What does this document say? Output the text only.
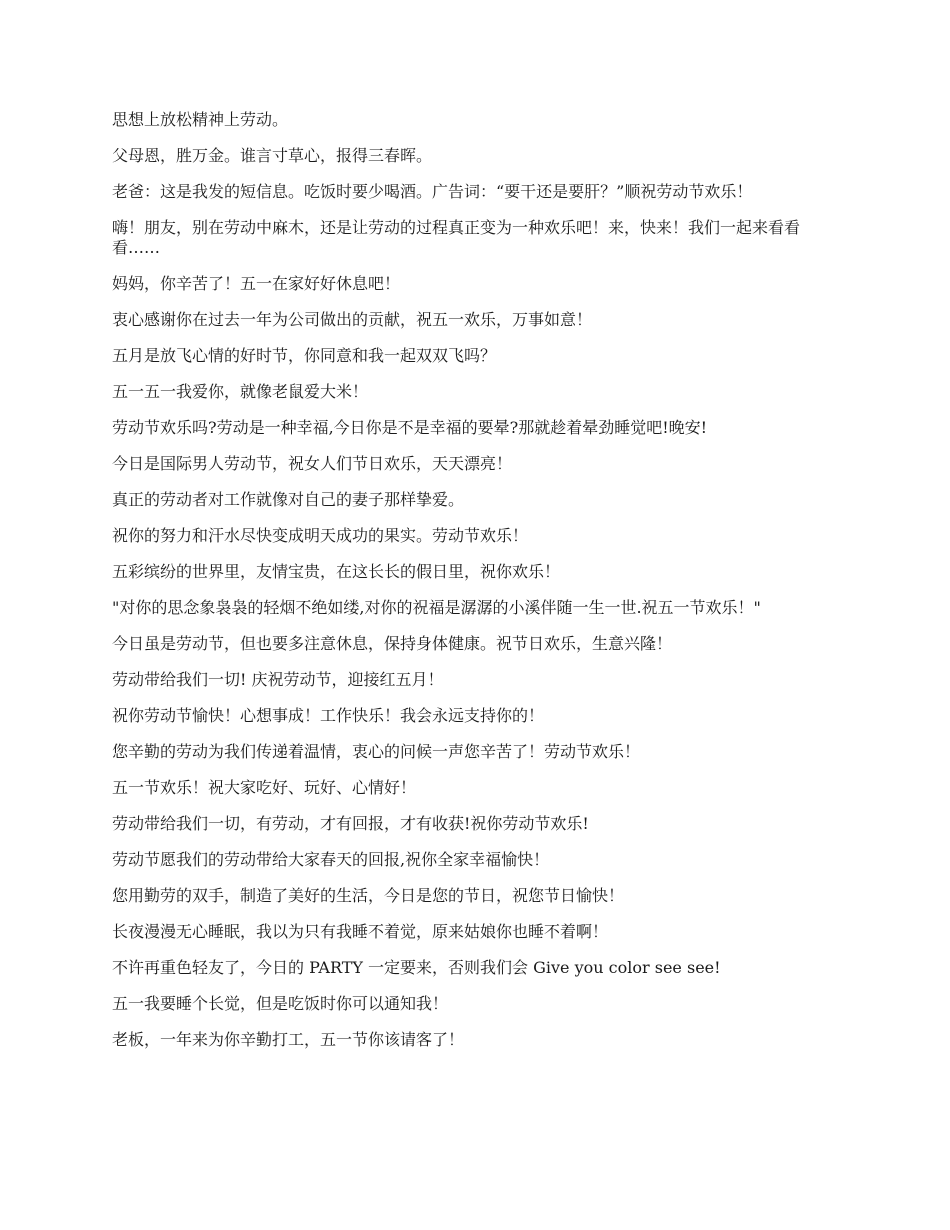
思想上放松精神上劳动。

父母恩，胜万金。谁言寸草心，报得三春晖。

老爸：这是我发的短信息。吃饭时要少喝酒。广告词：“要干还是要肝？”顺祝劳动节欢乐！

嗨！朋友，别在劳动中麻木，还是让劳动的过程真正变为一种欢乐吧！来，快来！我们一起来看看看……

妈妈，你辛苦了！五一在家好好休息吧！

衷心感谢你在过去一年为公司做出的贡献，祝五一欢乐，万事如意！

五月是放飞心情的好时节，你同意和我一起双双飞吗？

五一五一我爱你，就像老鼠爱大米！

劳动节欢乐吗?劳动是一种幸福,今日你是不是幸福的要晕?那就趁着晕劲睡觉吧!晚安!

今日是国际男人劳动节，祝女人们节日欢乐，天天漂亮！

真正的劳动者对工作就像对自己的妻子那样挚爱。

祝你的努力和汗水尽快变成明天成功的果实。劳动节欢乐！

五彩缤纷的世界里，友情宝贵，在这长长的假日里，祝你欢乐！

"对你的思念象袅袅的轻烟不绝如缕,对你的祝福是潺潺的小溪伴随一生一世.祝五一节欢乐！"

今日虽是劳动节，但也要多注意休息，保持身体健康。祝节日欢乐，生意兴隆！

劳动带给我们一切! 庆祝劳动节，迎接红五月！

祝你劳动节愉快！心想事成！工作快乐！我会永远支持你的！

您辛勤的劳动为我们传递着温情，衷心的问候一声您辛苦了！劳动节欢乐！

五一节欢乐！祝大家吃好、玩好、心情好！

劳动带给我们一切，有劳动，才有回报，才有收获!祝你劳动节欢乐!

劳动节愿我们的劳动带给大家春天的回报,祝你全家幸福愉快！

您用勤劳的双手，制造了美好的生活，今日是您的节日，祝您节日愉快！

长夜漫漫无心睡眠，我以为只有我睡不着觉，原来姑娘你也睡不着啊！

不许再重色轻友了，今日的 PARTY 一定要来，否则我们会 Give you color see see!

五一我要睡个长觉，但是吃饭时你可以通知我！

老板，一年来为你辛勤打工，五一节你该请客了！
